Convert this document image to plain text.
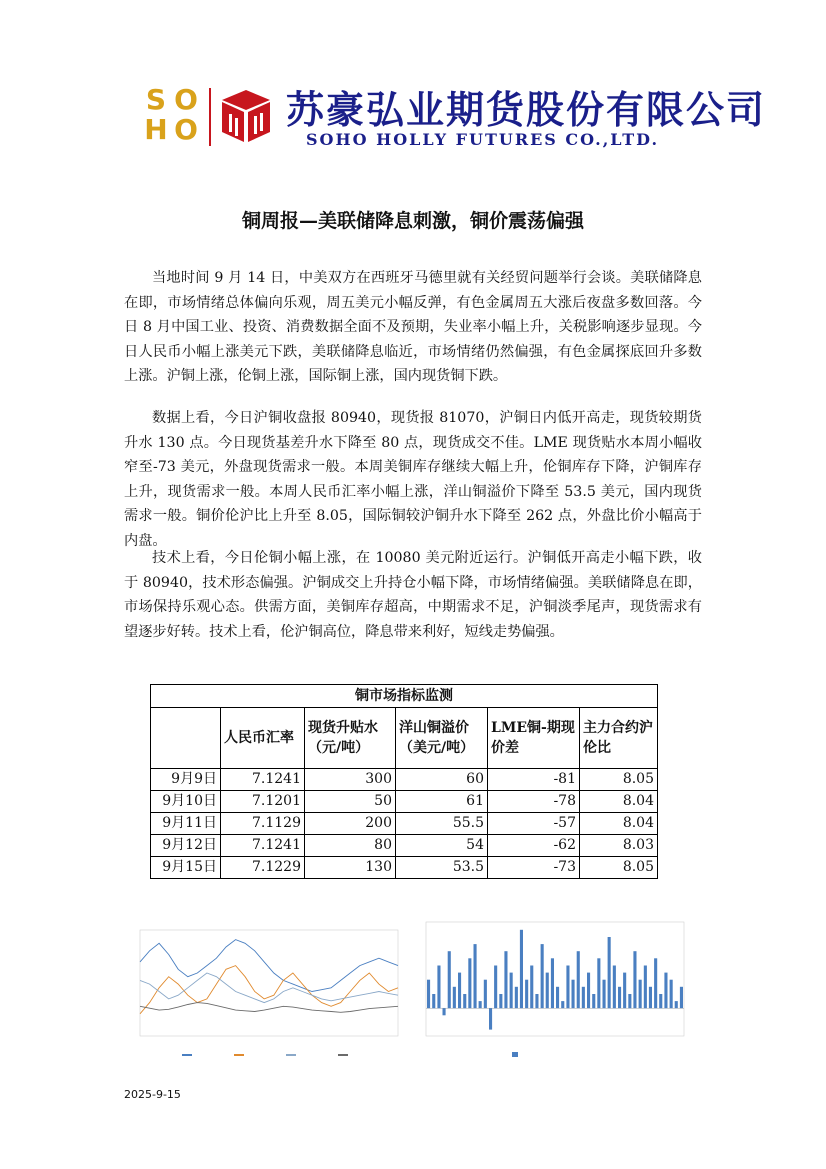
S O
H O 苏豪弘业期货股份有限公司
SOHO HOLLY FUTURES CO.,LTD.
铜周报—美联储降息刺激，铜价震荡偏强

当地时间 9 月 14 日，中美双方在西班牙马德里就有关经贸问题举行会谈。美联储降息在即，市场情绪总体偏向乐观，周五美元小幅反弹，有色金属周五大涨后夜盘多数回落。今日 8 月中国工业、投资、消费数据全面不及预期，失业率小幅上升，关税影响逐步显现。今日人民币小幅上涨美元下跌，美联储降息临近，市场情绪仍然偏强，有色金属探底回升多数上涨。沪铜上涨，伦铜上涨，国际铜上涨，国内现货铜下跌。

数据上看，今日沪铜收盘报 80940，现货报 81070，沪铜日内低开高走，现货较期货升水 130 点。今日现货基差升水下降至 80 点，现货成交不佳。LME 现货贴水本周小幅收窄至-73 美元，外盘现货需求一般。本周美铜库存继续大幅上升，伦铜库存下降，沪铜库存上升，现货需求一般。本周人民币汇率小幅上涨，洋山铜溢价下降至 53.5 美元，国内现货需求一般。铜价伦沪比上升至 8.05，国际铜较沪铜升水下降至 262 点，外盘比价小幅高于内盘。

技术上看，今日伦铜小幅上涨，在 10080 美元附近运行。沪铜低开高走小幅下跌，收于 80940，技术形态偏强。沪铜成交上升持仓小幅下降，市场情绪偏强。美联储降息在即，市场保持乐观心态。供需方面，美铜库存超高，中期需求不足，沪铜淡季尾声，现货需求有望逐步好转。技术上看，伦沪铜高位，降息带来利好，短线走势偏强。

铜市场指标监测					
	人民币汇率	现货升贴水（元/吨）	洋山铜溢价（美元/吨）	LME铜-期现价差	主力合约沪伦比
9月9日	7.1241	300	60	-81	8.05
9月10日	7.1201	50	61	-78	8.04
9月11日	7.1129	200	55.5	-57	8.04
9月12日	7.1241	80	54	-62	8.03
9月15日	7.1229	130	53.5	-73	8.05
2025-9-15
